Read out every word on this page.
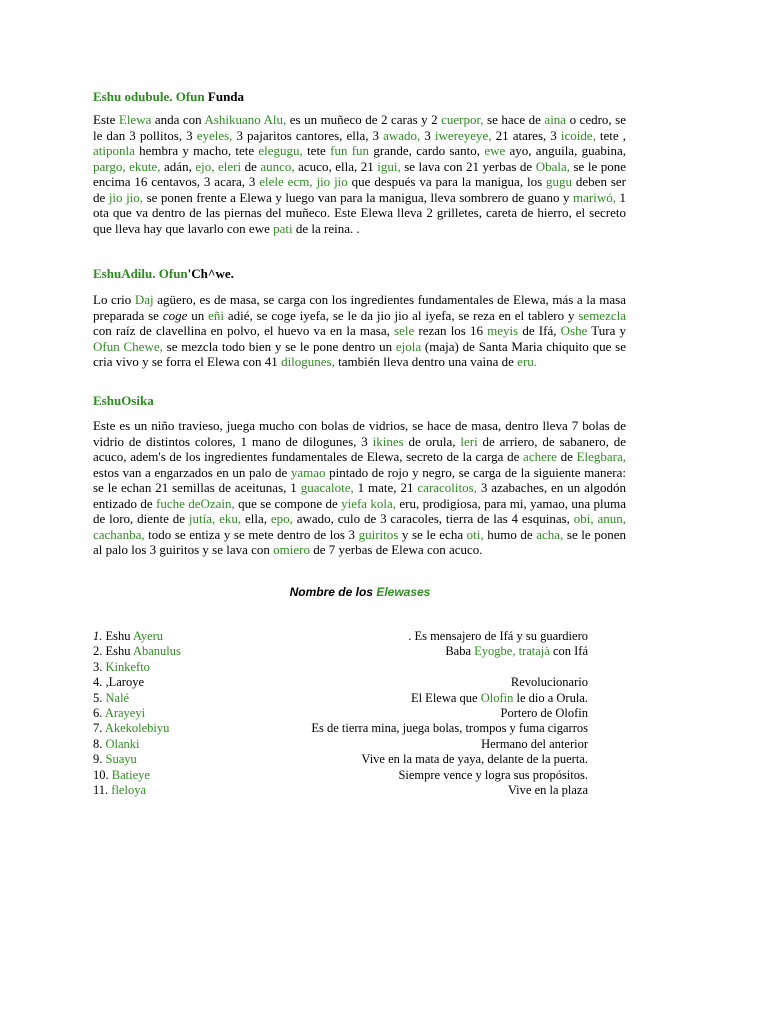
Eshu odubule. Ofun Funda

Este Elewa anda con Ashikuano Alu, es un muñeco de 2 caras y 2 cuerpor, se hace de aina o cedro, se le dan 3 pollitos, 3 eyeles, 3 pajaritos cantores, ella, 3 awado, 3 iwereyeye, 21 atares, 3 icoide, tete , atiponla hembra y macho, tete elegugu, tete fun fun grande, cardo santo, ewe ayo, anguila, guabina, pargo, ekute, adán, ejo, eleri de aunco, acuco, ella, 21 igui, se lava con 21 yerbas de Obala, se le pone encima 16 centavos, 3 acara, 3 elele ecm, jio jio que después va para la manigua, los gugu deben ser de jio jio, se ponen frente a Elewa y luego van para la manigua, lleva sombrero de guano y mariwó, 1 ota que va dentro de las piernas del muñeco. Este Elewa lleva 2 grilletes, careta de hierro, el secreto que lleva hay que lavarlo con ewe pati de la reina. .

EshuAdilu. Ofun'Ch^we.

Lo crio Daj agüero, es de masa, se carga con los ingredientes fundamentales de Elewa, más a la masa preparada se coge un eñi adié, se coge iyefa, se le da jio jio al iyefa, se reza en el tablero y semezcla con raíz de clavellina en polvo, el huevo va en la masa, sele rezan los 16 meyis de Ifá, Oshe Tura y Ofun Chewe, se mezcla todo bien y se le pone dentro un ejola (maja) de Santa Maria chiquito que se cria vivo y se forra el Elewa con 41 dilogunes, también lleva dentro una vaina de eru.

EshuOsika

Este es un niño travieso, juega mucho con bolas de vidrios, se hace de masa, dentro lleva 7 bolas de vidrio de distintos colores, 1 mano de dilogunes, 3 ikines de orula, leri de arriero, de sabanero, de acuco, adem's de los ingredientes fundamentales de Elewa, secreto de la carga de achere de Elegbara, estos van a engarzados en un palo de yamao pintado de rojo y negro, se carga de la siguiente manera: se le echan 21 semillas de aceitunas, 1 guacalote, 1 mate, 21 caracolitos, 3 azabaches, en un algodón entizado de fuche deOzain, que se compone de yiefa kola, eru, prodigiosa, para mi, yamao, una pluma de loro, diente de jutía, eku, ella, epo, awado, culo de 3 caracoles, tierra de las 4 esquinas, obi, anun, cachanba, todo se entiza y se mete dentro de los 3 guiritos y se le echa oti, humo de acha, se le ponen al palo los 3 guiritos y se lava con omiero de 7 yerbas de Elewa con acuco.

Nombre de los Elewases
1. Eshu Ayeru	. Es mensajero de Ifá y su guardiero
2. Eshu Abanulus	Baba Eyogbe, tratajà con Ifá
3. Kinkefto
4. ,Laroye	Revolucionario
5. Nalé	El Elewa que Olofin le dio a Orula.
6. Arayeyi	Portero de Olofin
7. Akekolebiyu	Es de tierra mina, juega bolas, trompos y fuma cigarros
8. Olanki	Hermano del anterior
9. Suayu	Vive en la mata de yaya, delante de la puerta.
10. Batieye	Siempre vence y logra sus propósitos.
11. fleloya	Vive en la plaza
